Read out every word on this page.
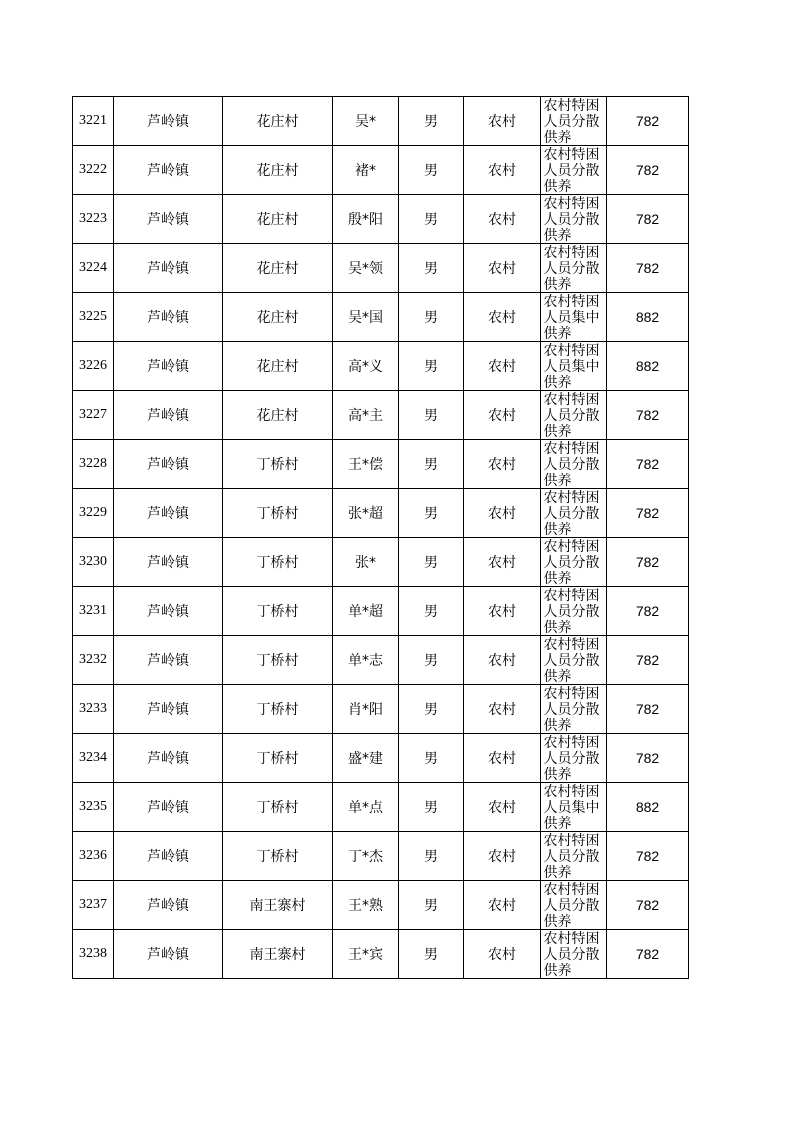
3221	芦岭镇	花庄村	吴*	男	农村	农村特困人员分散供养	782
3222	芦岭镇	花庄村	褚*	男	农村	农村特困人员分散供养	782
3223	芦岭镇	花庄村	殷*阳	男	农村	农村特困人员分散供养	782
3224	芦岭镇	花庄村	吴*领	男	农村	农村特困人员分散供养	782
3225	芦岭镇	花庄村	吴*国	男	农村	农村特困人员集中供养	882
3226	芦岭镇	花庄村	高*义	男	农村	农村特困人员集中供养	882
3227	芦岭镇	花庄村	高*主	男	农村	农村特困人员分散供养	782
3228	芦岭镇	丁桥村	王*偿	男	农村	农村特困人员分散供养	782
3229	芦岭镇	丁桥村	张*超	男	农村	农村特困人员分散供养	782
3230	芦岭镇	丁桥村	张*	男	农村	农村特困人员分散供养	782
3231	芦岭镇	丁桥村	单*超	男	农村	农村特困人员分散供养	782
3232	芦岭镇	丁桥村	单*志	男	农村	农村特困人员分散供养	782
3233	芦岭镇	丁桥村	肖*阳	男	农村	农村特困人员分散供养	782
3234	芦岭镇	丁桥村	盛*建	男	农村	农村特困人员分散供养	782
3235	芦岭镇	丁桥村	单*点	男	农村	农村特困人员集中供养	882
3236	芦岭镇	丁桥村	丁*杰	男	农村	农村特困人员分散供养	782
3237	芦岭镇	南王寨村	王*熟	男	农村	农村特困人员分散供养	782
3238	芦岭镇	南王寨村	王*宾	男	农村	农村特困人员分散供养	782
